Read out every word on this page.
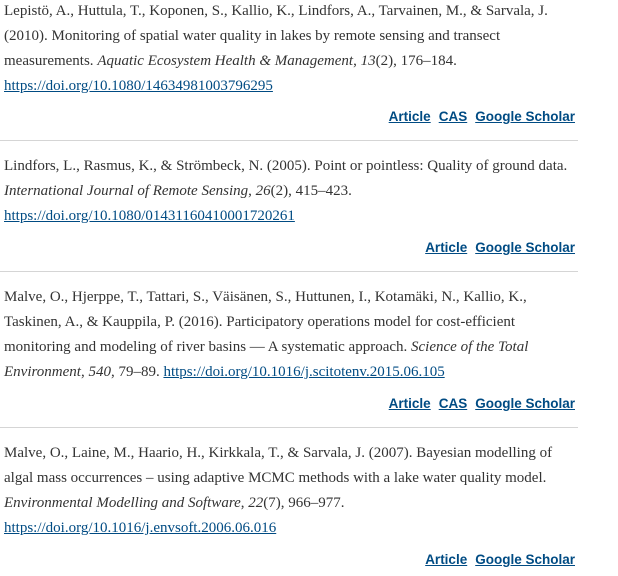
Lepistö, A., Huttula, T., Koponen, S., Kallio, K., Lindfors, A., Tarvainen, M., & Sarvala, J. (2010). Monitoring of spatial water quality in lakes by remote sensing and transect measurements. Aquatic Ecosystem Health & Management, 13(2), 176–184. https://doi.org/10.1080/14634981003796295

Article CAS Google Scholar

Lindfors, L., Rasmus, K., & Strömbeck, N. (2005). Point or pointless: Quality of ground data. International Journal of Remote Sensing, 26(2), 415–423. https://doi.org/10.1080/01431160410001720261

Article Google Scholar

Malve, O., Hjerppe, T., Tattari, S., Väisänen, S., Huttunen, I., Kotamäki, N., Kallio, K., Taskinen, A., & Kauppila, P. (2016). Participatory operations model for cost-efficient monitoring and modeling of river basins — A systematic approach. Science of the Total Environment, 540, 79–89. https://doi.org/10.1016/j.scitotenv.2015.06.105

Article CAS Google Scholar

Malve, O., Laine, M., Haario, H., Kirkkala, T., & Sarvala, J. (2007). Bayesian modelling of algal mass occurrences – using adaptive MCMC methods with a lake water quality model. Environmental Modelling and Software, 22(7), 966–977. https://doi.org/10.1016/j.envsoft.2006.06.016

Article Google Scholar
